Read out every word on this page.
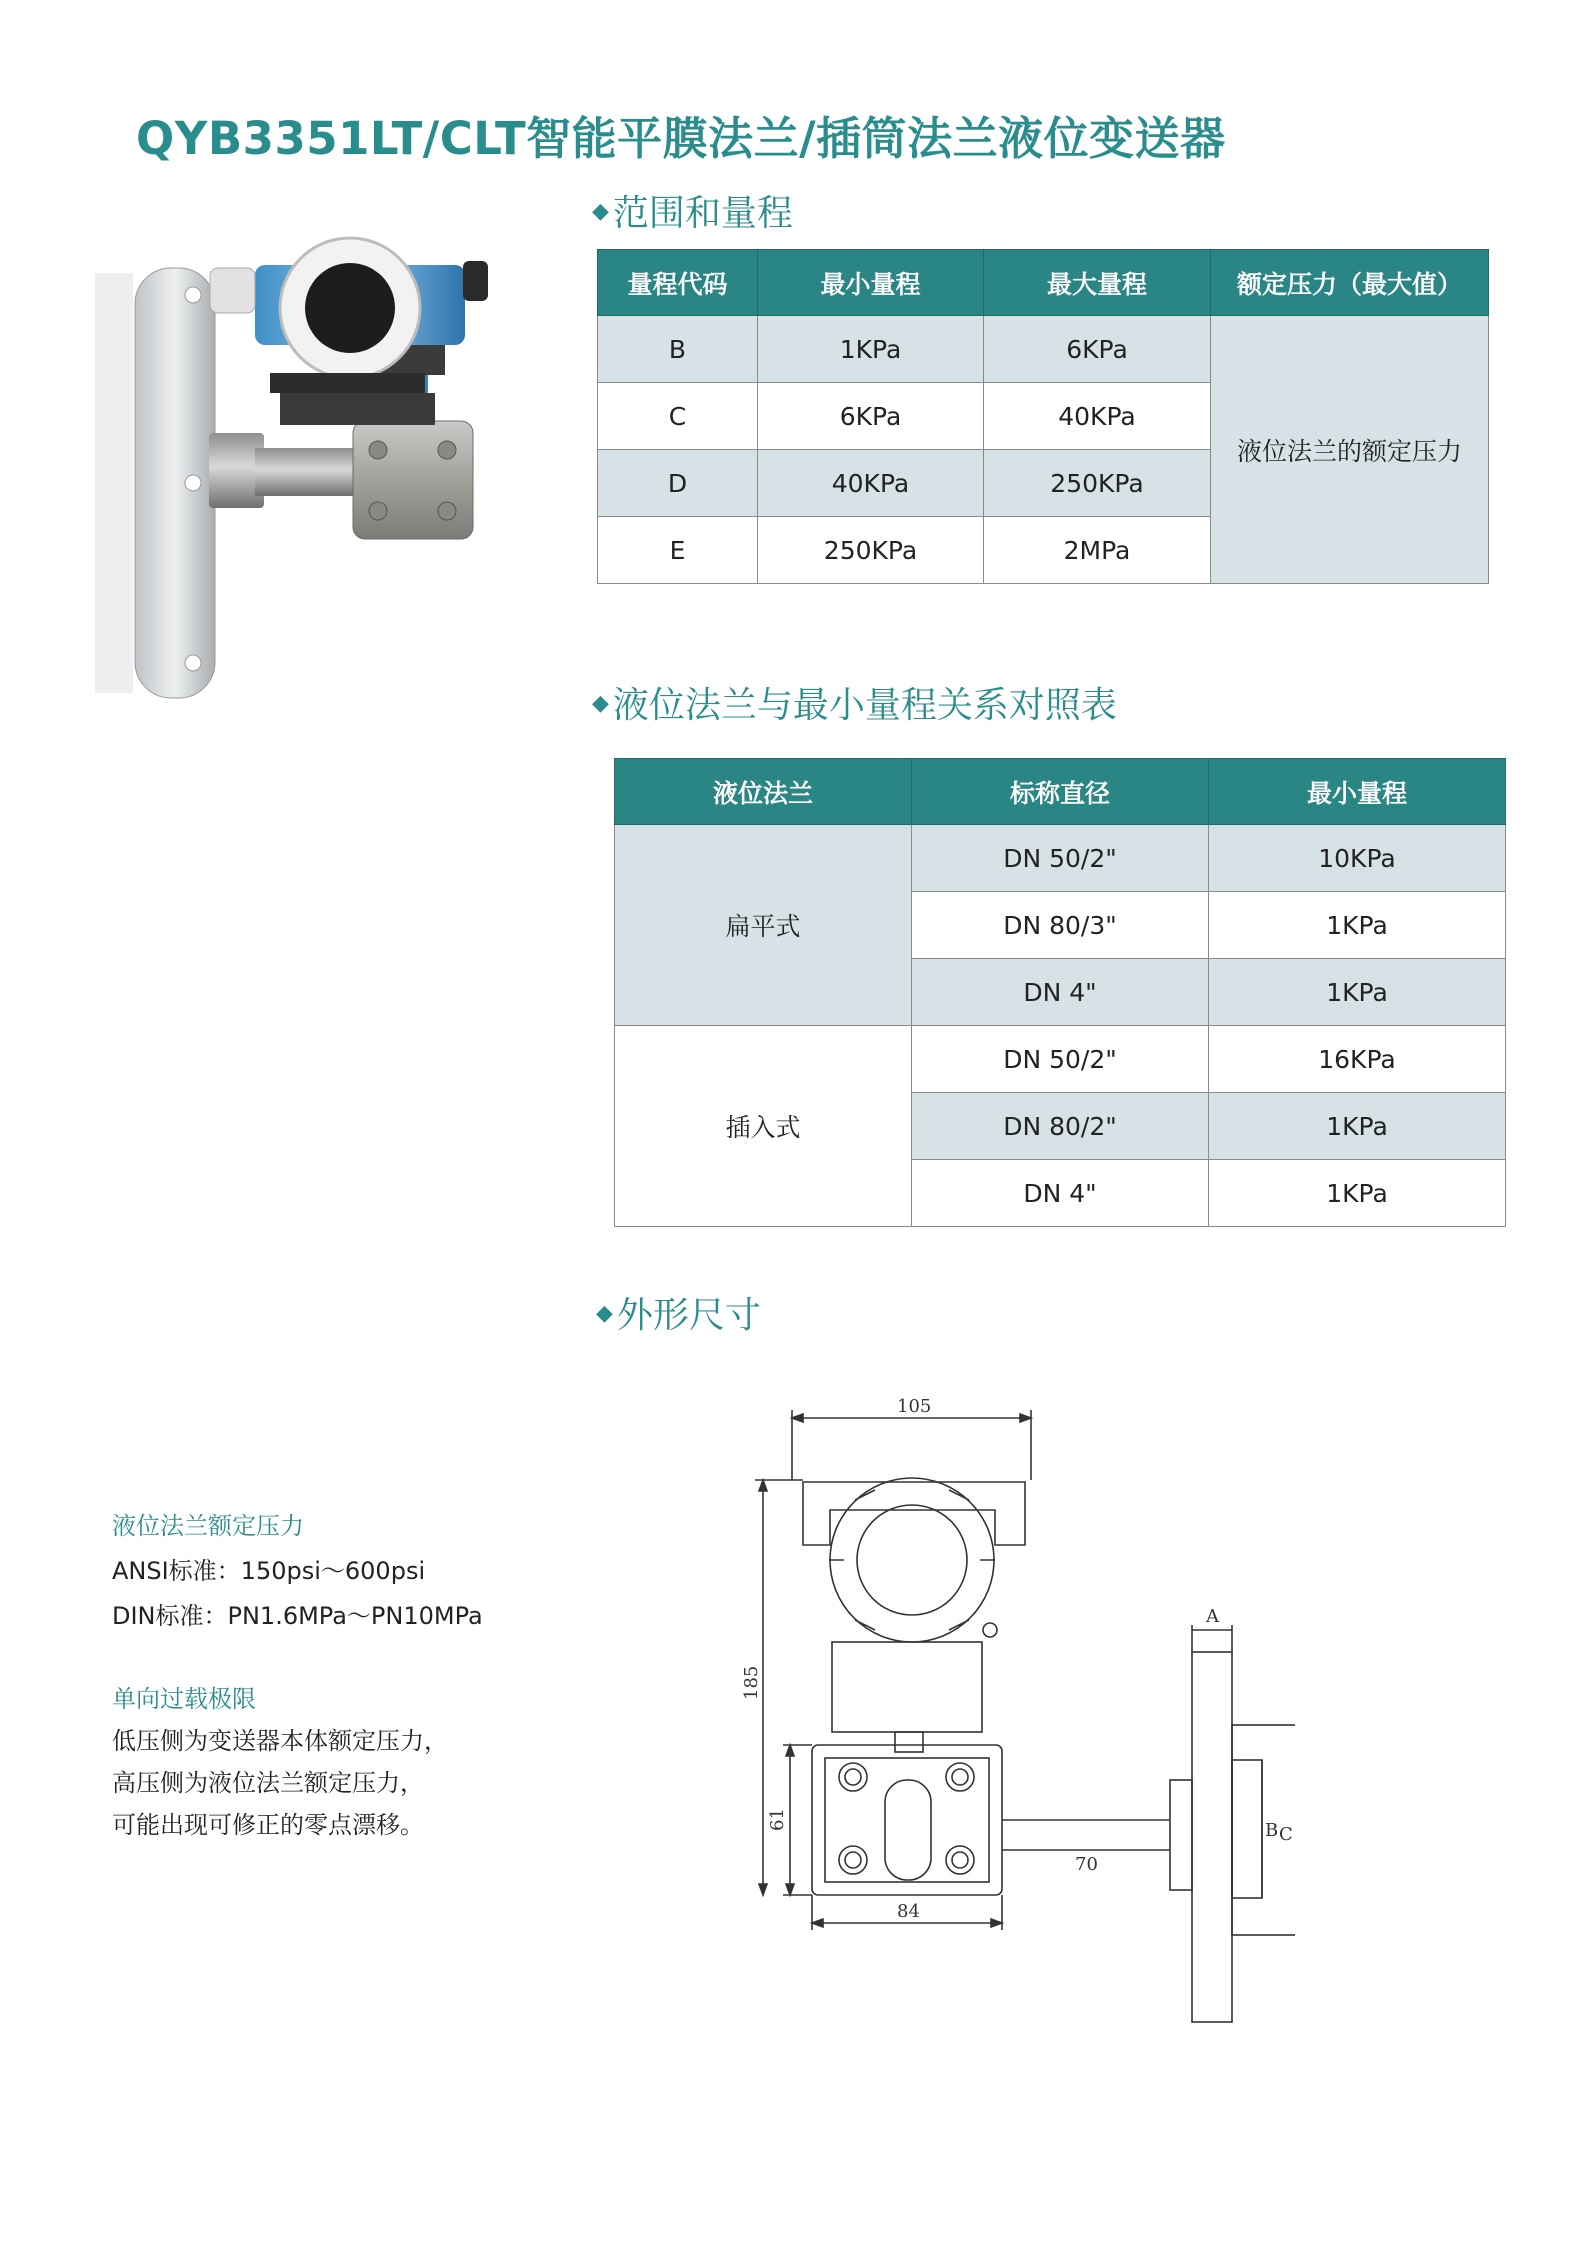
QYB3351LT/CLT智能平膜法兰/插筒法兰液位变送器
◆ 范围和量程
量程代码	最小量程	最大量程	额定压力（最大值）
B	1KPa	6KPa	液位法兰的额定压力
C	6KPa	40KPa	
D	40KPa	250KPa	
E	250KPa	2MPa	
◆ 液位法兰与最小量程关系对照表
液位法兰	标称直径	最小量程
扁平式	DN 50/2"	10KPa
	DN 80/3"	1KPa
	DN 4"	1KPa
插入式	DN 50/2"	16KPa
	DN 80/2"	1KPa
	DN 4"	1KPa
◆ 外形尺寸
液位法兰额定压力
ANSI标准：150psi～600psi
DIN标准：PN1.6MPa～PN10MPa
单向过载极限
低压侧为变送器本体额定压力，
高压侧为液位法兰额定压力，
可能出现可修正的零点漂移。
105
70
A
B C
185
61
84
